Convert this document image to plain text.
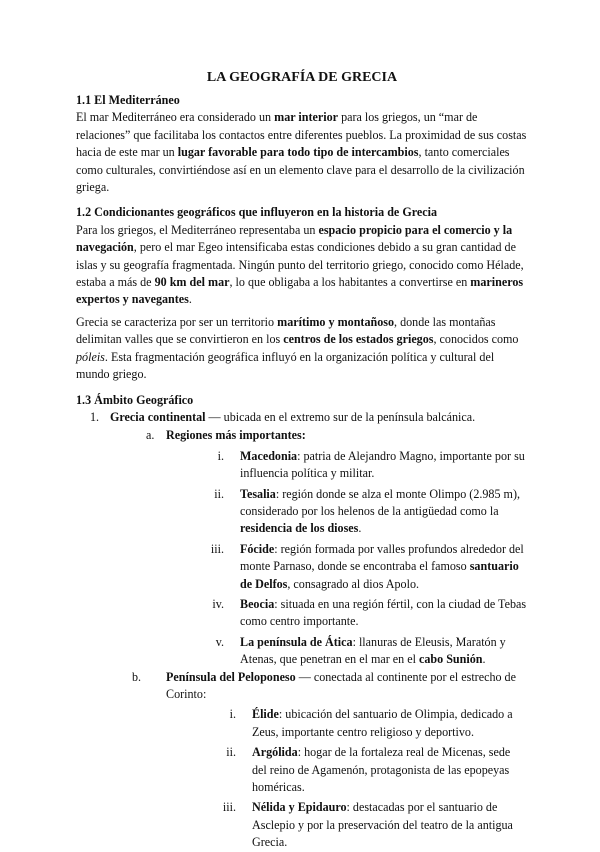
LA GEOGRAFÍA DE GRECIA
1.1 El Mediterráneo

El mar Mediterráneo era considerado un mar interior para los griegos, un “mar de relaciones” que facilitaba los contactos entre diferentes pueblos. La proximidad de sus costas hacia de este mar un lugar favorable para todo tipo de intercambios, tanto comerciales como culturales, convirtiéndose así en un elemento clave para el desarrollo de la civilización griega.

1.2 Condicionantes geográficos que influyeron en la historia de Grecia

Para los griegos, el Mediterráneo representaba un espacio propicio para el comercio y la navegación, pero el mar Egeo intensificaba estas condiciones debido a su gran cantidad de islas y su geografía fragmentada. Ningún punto del territorio griego, conocido como Hélade, estaba a más de 90 km del mar, lo que obligaba a los habitantes a convertirse en marineros expertos y navegantes.

Grecia se caracteriza por ser un territorio marítimo y montañoso, donde las montañas delimitan valles que se convirtieron en los centros de los estados griegos, conocidos como póleis. Esta fragmentación geográfica influyó en la organización política y cultural del mundo griego.

1.3 Ámbito Geográfico
1. Grecia continental — ubicada en el extremo sur de la península balcánica.
a. Regiones más importantes:
i.	Macedonia: patria de Alejandro Magno, importante por su influencia política y militar.
ii.	Tesalia: región donde se alza el monte Olimpo (2.985 m), considerado por los helenos de la antigüedad como la residencia de los dioses.
iii.	Fócide: región formada por valles profundos alrededor del monte Parnaso, donde se encontraba el famoso santuario de Delfos, consagrado al dios Apolo.
iv.	Beocia: situada en una región fértil, con la ciudad de Tebas como centro importante.
v.	La península de Ática: llanuras de Eleusis, Maratón y Atenas, que penetran en el mar en el cabo Sunión.
b. Península del Peloponeso — conectada al continente por el estrecho de Corinto:
i.	Élide: ubicación del santuario de Olimpia, dedicado a Zeus, importante centro religioso y deportivo.
ii.	Argólida: hogar de la fortaleza real de Micenas, sede del reino de Agamenón, protagonista de las epopeyas homéricas.
iii.	Nélida y Epidauro: destacadas por el santuario de Asclepio y por la preservación del teatro de la antigua Grecia.
